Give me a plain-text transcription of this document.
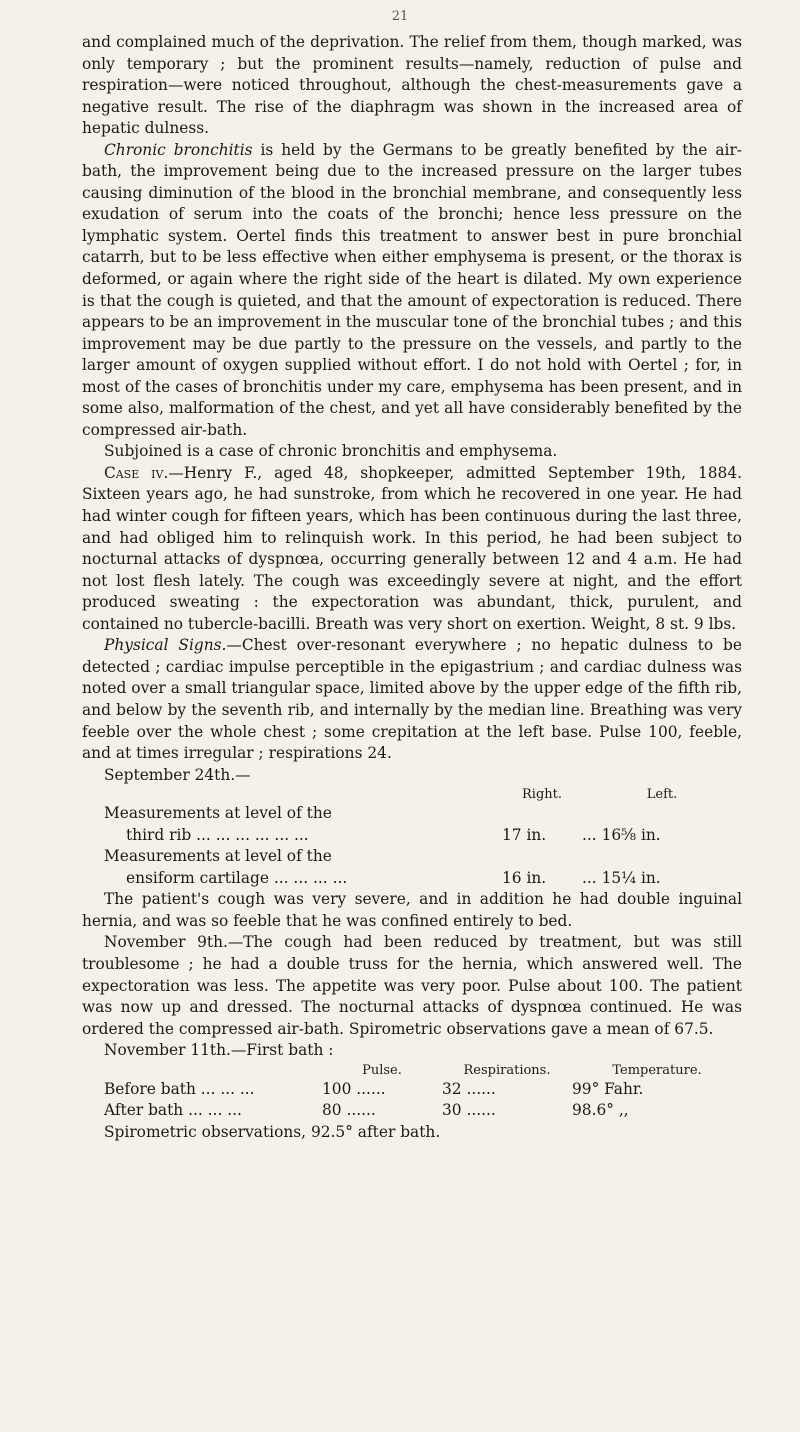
21

and complained much of the deprivation. The relief from them, though marked, was only temporary ; but the prominent results—namely, reduction of pulse and respiration—were noticed throughout, although the chest-measurements gave a negative result. The rise of the diaphragm was shown in the increased area of hepatic dulness.

Chronic bronchitis is held by the Germans to be greatly benefited by the air-bath, the improvement being due to the increased pressure on the larger tubes causing diminution of the blood in the bronchial membrane, and consequently less exudation of serum into the coats of the bronchi; hence less pressure on the lymphatic system. Oertel finds this treatment to answer best in pure bronchial catarrh, but to be less effective when either emphysema is present, or the thorax is deformed, or again where the right side of the heart is dilated. My own experience is that the cough is quieted, and that the amount of expectoration is reduced. There appears to be an improvement in the muscular tone of the bronchial tubes ; and this improvement may be due partly to the pressure on the vessels, and partly to the larger amount of oxygen supplied without effort. I do not hold with Oertel ; for, in most of the cases of bronchitis under my care, emphysema has been present, and in some also, malformation of the chest, and yet all have considerably benefited by the compressed air-bath.

Subjoined is a case of chronic bronchitis and emphysema.

Case iv.—Henry F., aged 48, shopkeeper, admitted September 19th, 1884. Sixteen years ago, he had sunstroke, from which he recovered in one year. He had had winter cough for fifteen years, which has been continuous during the last three, and had obliged him to relinquish work. In this period, he had been subject to nocturnal attacks of dyspnœa, occurring generally between 12 and 4 a.m. He had not lost flesh lately. The cough was exceedingly severe at night, and the effort produced sweating : the expectoration was abundant, thick, purulent, and contained no tubercle-bacilli. Breath was very short on exertion. Weight, 8 st. 9 lbs.

Physical Signs.—Chest over-resonant everywhere ; no hepatic dulness to be detected ; cardiac impulse perceptible in the epigastrium ; and cardiac dulness was noted over a small triangular space, limited above by the upper edge of the fifth rib, and below by the seventh rib, and internally by the median line. Breathing was very feeble over the whole chest ; some crepitation at the left base. Pulse 100, feeble, and at times irregular ; respirations 24.

September 24th.—

	Right.	Left.
Measurements at level of the		
third rib ... ... ... ... ... ...	17 in.	... 16⅝ in.
Measurements at level of the		
ensiform cartilage ... ... ... ...	16 in.	... 15¼ in.

The patient's cough was very severe, and in addition he had double inguinal hernia, and was so feeble that he was confined entirely to bed.

November 9th.—The cough had been reduced by treatment, but was still troublesome ; he had a double truss for the hernia, which answered well. The expectoration was less. The appetite was very poor. Pulse about 100. The patient was now up and dressed. The nocturnal attacks of dyspnœa continued. He was ordered the compressed air-bath. Spirometric observations gave a mean of 67.5.

November 11th.—First bath :

	Pulse.	Respirations.	Temperature.
Before bath ... ... ...	100 ......	32 ......	99° Fahr.
After bath ... ... ...	80 ......	30 ......	98.6° ,,

Spirometric observations, 92.5° after bath.
